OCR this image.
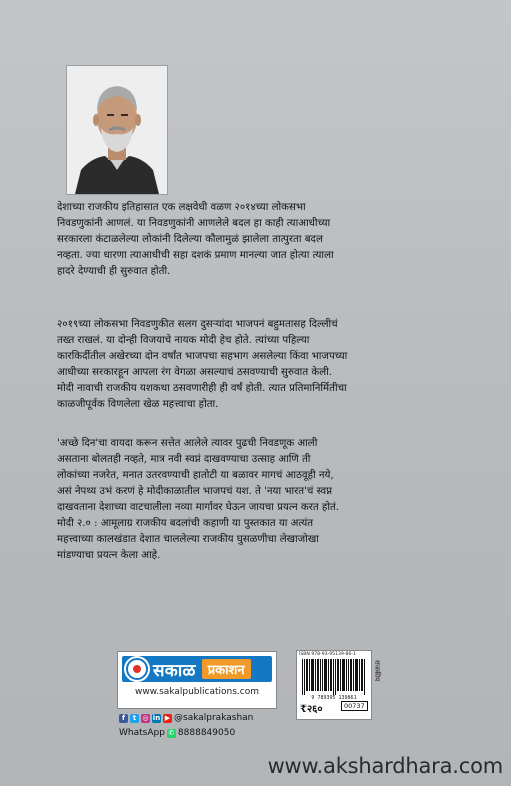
देशाच्या राजकीय इतिहासात एक लक्षवेधी वळण २०१४च्या लोकसभा
निवडणुकांनी आणलं. या निवडणुकांनी आणलेले बदल हा काही त्याआधीच्या
सरकारला कंटाळलेल्या लोकांनी दिलेल्या कौलामुळं झालेला तात्पुरता बदल
नव्हता. ज्या धारणा त्याआधीची सहा दशकं प्रमाण मानल्या जात होत्या त्याला
हादरे देण्याची ही सुरुवात होती.

२०१९च्या लोकसभा निवडणुकीत सलग दुसऱ्यांदा भाजपनं बहुमतासह दिल्लीचं
तख्त राखलं. या दोन्ही विजयाचे नायक मोदी हेच होते. त्यांच्या पहिल्या
कारकिर्दीतील अखेरच्या दोन वर्षांत भाजपचा सहभाग असलेल्या किंवा भाजपच्या
आधीच्या सरकारहून आपला रंग वेगळा असल्याचं ठसवण्याची सुरुवात केली.
मोदी नावाची राजकीय यशकथा ठसवणारीही ही वर्षं होती. त्यात प्रतिमानिर्मितीचा
काळजीपूर्वक विणलेला खेळ महत्त्वाचा होता.

'अच्छे दिन'चा वायदा करून सत्तेत आलेले त्यावर पुढची निवडणूक आली
असताना बोलतही नव्हते, मात्र नवी स्वप्नं दाखवण्याचा उत्साह आणि ती
लोकांच्या नजरेत, मनात उतरवण्याची हातोटी या बळावर मागचं आठवूही नये,
असं नेपथ्य उभं करणं हे मोदीकाळातील भाजपचं यश. ते 'नया भारत'चं स्वप्न
दाखवताना देशाच्या वाटचालीला नव्या मार्गावर घेऊन जायचा प्रयत्न करत होतं.
मोदी २.० : आमूलाग्र राजकीय बदलांची कहाणी या पुस्तकात या अत्यंत
महत्त्वाच्या कालखंडात देशात चाललेल्या राजकीय घुसळणीचा लेखाजोखा
मांडण्याचा प्रयत्न केला आहे.

सकाळ प्रकाशन
www.sakalpublications.com
f	t ◎ in ▶ @sakalprakashan
WhatsApp ✆ 8888849050
ISBN 978-93-95139-86-1
9 789395 139861
₹२६०	00737
राजकीय
www.akshardhara.com
